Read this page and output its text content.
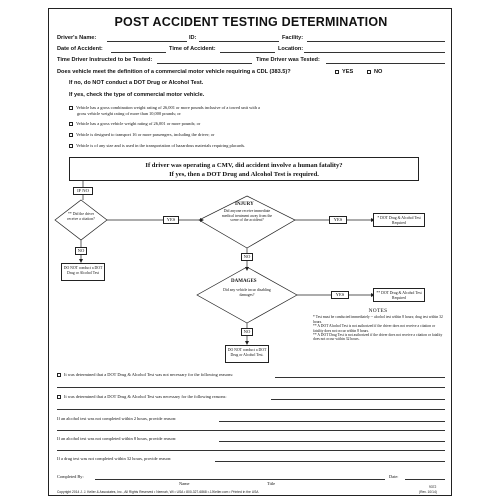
POST ACCIDENT TESTING DETERMINATION
Driver's Name:	ID:	Facility:
Date of Accident:	Time of Accident:	Location:
Time Driver Instructed to be Tested:	Time Driver was Tested:
Does vehicle meet the definition of a commercial motor vehicle requiring a CDL (383.5)?	YES	NO
If no, do NOT conduct a DOT Drug or Alcohol Test.
If yes, check the type of commercial motor vehicle.
Vehicle has a gross combination weight rating of 26,001 or more pounds inclusive of a towed unit with a
gross vehicle weight rating of more than 10,000 pounds; or
Vehicle has a gross vehicle weight rating of 26,001 or more pounds; or
Vehicle is designed to transport 16 or more passengers, including the driver; or
Vehicle is of any size and is used in the transportation of hazardous materials requiring placards.
If driver was operating a CMV, did accident involve a human fatality?
If yes, then a DOT Drug and Alcohol Test is required.
IF NO
** Did the driver receive a citation?	YES
NO
INJURY
Did anyone receive immediate medical treatment away from the scene of the accident?	YES	* DOT Drug & Alcohol Test Required
NO
DO NOT conduct a DOT Drug or Alcohol Test
DAMAGES
Did any vehicle incur disabling damages?	YES	** DOT Drug & Alcohol Test Required
NO
DO NOT conduct a DOT Drug or Alcohol Test.
NOTES
* Test must be conducted immediately -- alcohol test within 8 hours; drug test within 32 hours.
** A DOT Alcohol Test is not authorized if the driver does not receive a citation or fatality does not occur within 8 hours.
** A DOT Drug Test is not authorized if the driver does not receive a citation or fatality does not occur within 32 hours.
It was determined that a DOT Drug & Alcohol Test was not necessary for the following reasons:
It was determined that a DOT Drug & Alcohol Test was necessary for the following reasons:
If an alcohol test was not completed within 2 hours, provide reason:
If an alcohol test was not completed within 8 hours, provide reason:
If a drug test was not completed within 32 hours, provide reason:
Completed By:	Date:
Name	Title
Copyright 2014 J. J. Keller & Associates, Inc., All Rights Reserved • Neenah, WI • USA • 800-327-6868 • JJKeller.com • Printed in the USA
9372
(Rev. 10/14)
